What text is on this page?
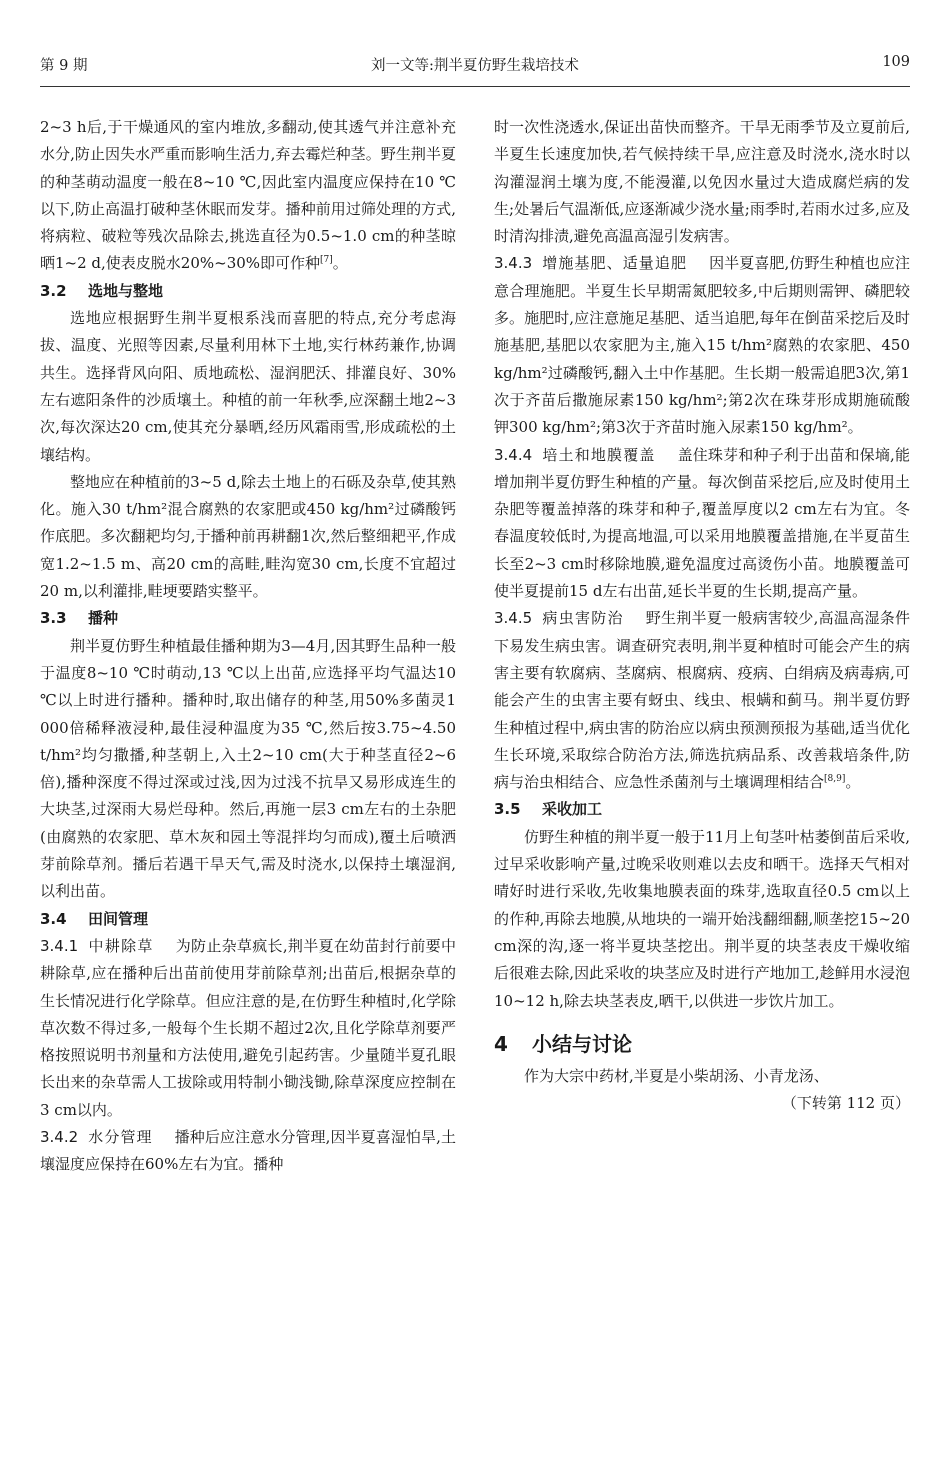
第 9 期	刘一文等:荆半夏仿野生栽培技术	109

2~3 h后,于干燥通风的室内堆放,多翻动,使其透气并注意补充水分,防止因失水严重而影响生活力,弃去霉烂种茎。野生荆半夏的种茎萌动温度一般在8~10 ℃,因此室内温度应保持在10 ℃以下,防止高温打破种茎休眠而发芽。播种前用过筛处理的方式,将病粒、破粒等残次品除去,挑选直径为0.5~1.0 cm的种茎晾晒1~2 d,使表皮脱水20%~30%即可作种[7]。

3.2 选地与整地

选地应根据野生荆半夏根系浅而喜肥的特点,充分考虑海拔、温度、光照等因素,尽量利用林下土地,实行林药兼作,协调共生。选择背风向阳、质地疏松、湿润肥沃、排灌良好、30%左右遮阳条件的沙质壤土。种植的前一年秋季,应深翻土地2~3次,每次深达20 cm,使其充分暴晒,经历风霜雨雪,形成疏松的土壤结构。

整地应在种植前的3~5 d,除去土地上的石砾及杂草,使其熟化。施入30 t/hm²混合腐熟的农家肥或450 kg/hm²过磷酸钙作底肥。多次翻耙均匀,于播种前再耕翻1次,然后整细耙平,作成宽1.2~1.5 m、高20 cm的高畦,畦沟宽30 cm,长度不宜超过20 m,以利灌排,畦埂要踏实整平。

3.3 播种

荆半夏仿野生种植最佳播种期为3—4月,因其野生品种一般于温度8~10 ℃时萌动,13 ℃以上出苗,应选择平均气温达10 ℃以上时进行播种。播种时,取出储存的种茎,用50%多菌灵1 000倍稀释液浸种,最佳浸种温度为35 ℃,然后按3.75~4.50 t/hm²均匀撒播,种茎朝上,入土2~10 cm(大于种茎直径2~6倍),播种深度不得过深或过浅,因为过浅不抗旱又易形成连生的大块茎,过深雨大易烂母种。然后,再施一层3 cm左右的土杂肥(由腐熟的农家肥、草木灰和园土等混拌均匀而成),覆土后喷洒芽前除草剂。播后若遇干旱天气,需及时浇水,以保持土壤湿润,以利出苗。

3.4 田间管理

3.4.1 中耕除草 为防止杂草疯长,荆半夏在幼苗封行前要中耕除草,应在播种后出苗前使用芽前除草剂;出苗后,根据杂草的生长情况进行化学除草。但应注意的是,在仿野生种植时,化学除草次数不得过多,一般每个生长期不超过2次,且化学除草剂要严格按照说明书剂量和方法使用,避免引起药害。少量随半夏孔眼长出来的杂草需人工拔除或用特制小锄浅锄,除草深度应控制在3 cm以内。

3.4.2 水分管理 播种后应注意水分管理,因半夏喜湿怕旱,土壤湿度应保持在60%左右为宜。播种

时一次性浇透水,保证出苗快而整齐。干旱无雨季节及立夏前后,半夏生长速度加快,若气候持续干旱,应注意及时浇水,浇水时以沟灌湿润土壤为度,不能漫灌,以免因水量过大造成腐烂病的发生;处暑后气温渐低,应逐渐减少浇水量;雨季时,若雨水过多,应及时清沟排渍,避免高温高湿引发病害。

3.4.3 增施基肥、适量追肥 因半夏喜肥,仿野生种植也应注意合理施肥。半夏生长早期需氮肥较多,中后期则需钾、磷肥较多。施肥时,应注意施足基肥、适当追肥,每年在倒苗采挖后及时施基肥,基肥以农家肥为主,施入15 t/hm²腐熟的农家肥、450 kg/hm²过磷酸钙,翻入土中作基肥。生长期一般需追肥3次,第1次于齐苗后撒施尿素150 kg/hm²;第2次在珠芽形成期施硫酸钾300 kg/hm²;第3次于齐苗时施入尿素150 kg/hm²。

3.4.4 培土和地膜覆盖 盖住珠芽和种子利于出苗和保墒,能增加荆半夏仿野生种植的产量。每次倒苗采挖后,应及时使用土杂肥等覆盖掉落的珠芽和种子,覆盖厚度以2 cm左右为宜。冬春温度较低时,为提高地温,可以采用地膜覆盖措施,在半夏苗生长至2~3 cm时移除地膜,避免温度过高烫伤小苗。地膜覆盖可使半夏提前15 d左右出苗,延长半夏的生长期,提高产量。

3.4.5 病虫害防治 野生荆半夏一般病害较少,高温高湿条件下易发生病虫害。调查研究表明,荆半夏种植时可能会产生的病害主要有软腐病、茎腐病、根腐病、疫病、白绢病及病毒病,可能会产生的虫害主要有蚜虫、线虫、根螨和蓟马。荆半夏仿野生种植过程中,病虫害的防治应以病虫预测预报为基础,适当优化生长环境,采取综合防治方法,筛选抗病品系、改善栽培条件,防病与治虫相结合、应急性杀菌剂与土壤调理相结合[8,9]。

3.5 采收加工

仿野生种植的荆半夏一般于11月上旬茎叶枯萎倒苗后采收,过早采收影响产量,过晚采收则难以去皮和晒干。选择天气相对晴好时进行采收,先收集地膜表面的珠芽,选取直径0.5 cm以上的作种,再除去地膜,从地块的一端开始浅翻细翻,顺垄挖15~20 cm深的沟,逐一将半夏块茎挖出。荆半夏的块茎表皮干燥收缩后很难去除,因此采收的块茎应及时进行产地加工,趁鲜用水浸泡10~12 h,除去块茎表皮,晒干,以供进一步饮片加工。

4 小结与讨论

作为大宗中药材,半夏是小柴胡汤、小青龙汤、

（下转第 112 页）
